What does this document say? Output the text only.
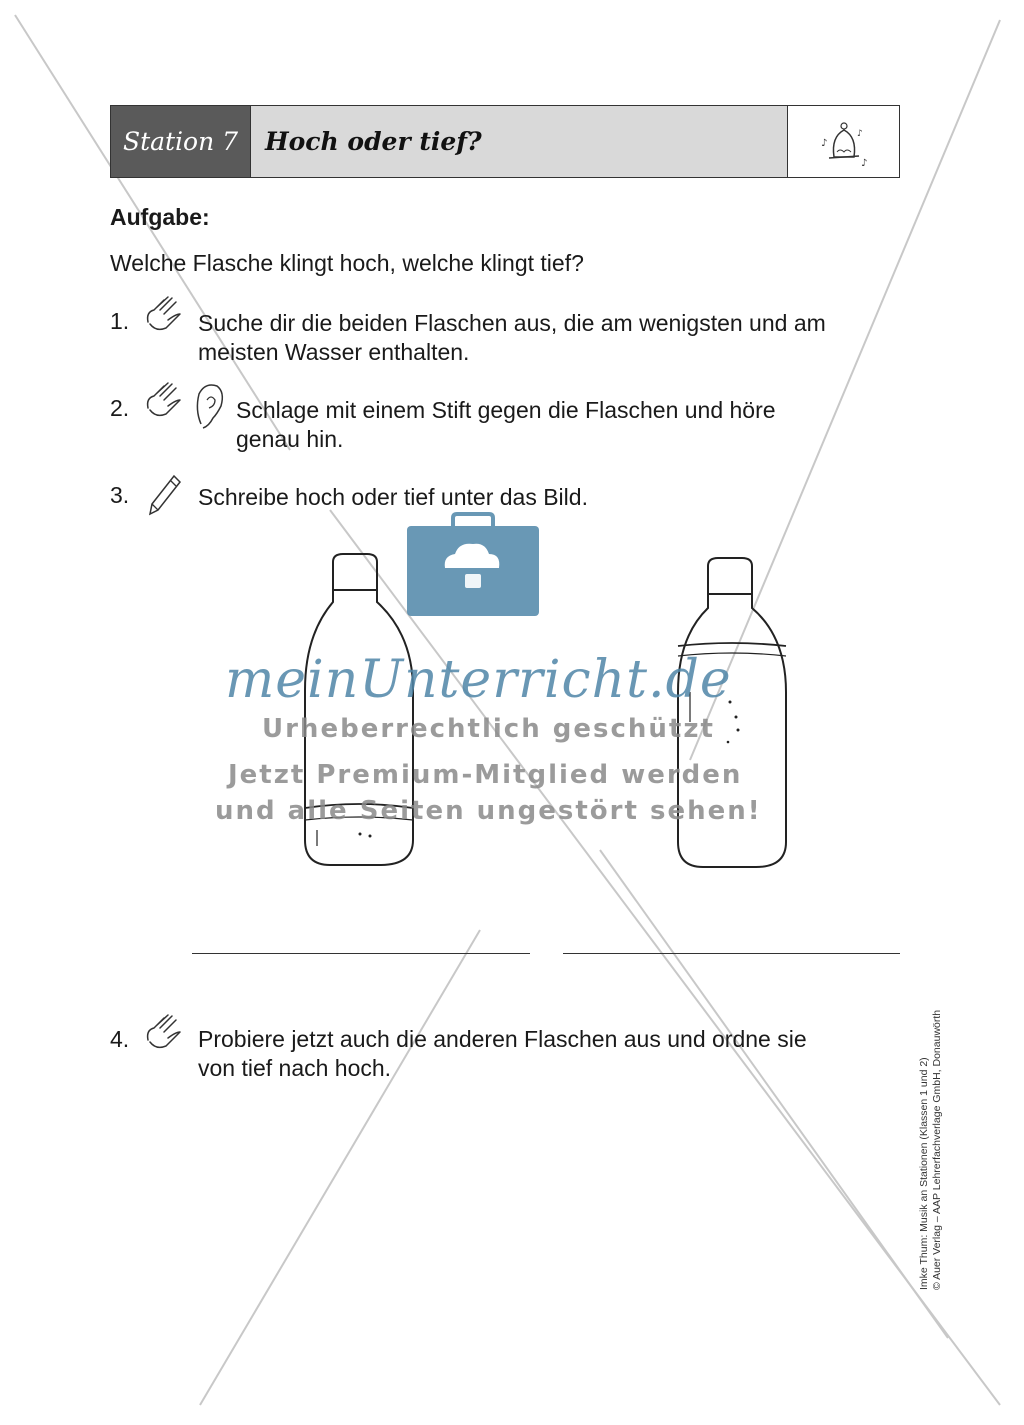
Station 7	Hoch oder tief?	♪
♪
♪
Aufgabe:
Welche Flasche klingt hoch, welche klingt tief?
1.	Suche dir die beiden Flaschen aus, die am wenigsten und am
meisten Wasser enthalten.
2.	Schlage mit einem Stift gegen die Flaschen und höre
genau hin.
3.	Schreibe hoch oder tief unter das Bild.
meinUnterricht.de
Urheberrechtlich geschützt
Jetzt Premium-Mitglied werden
und alle Seiten ungestört sehen!
4.	Probiere jetzt auch die anderen Flaschen aus und ordne sie
von tief nach hoch.	Imke Thum: Musik an Stationen (Klassen 1 und 2) © Auer Verlag – AAP Lehrerfachverlage GmbH, Donauwörth
